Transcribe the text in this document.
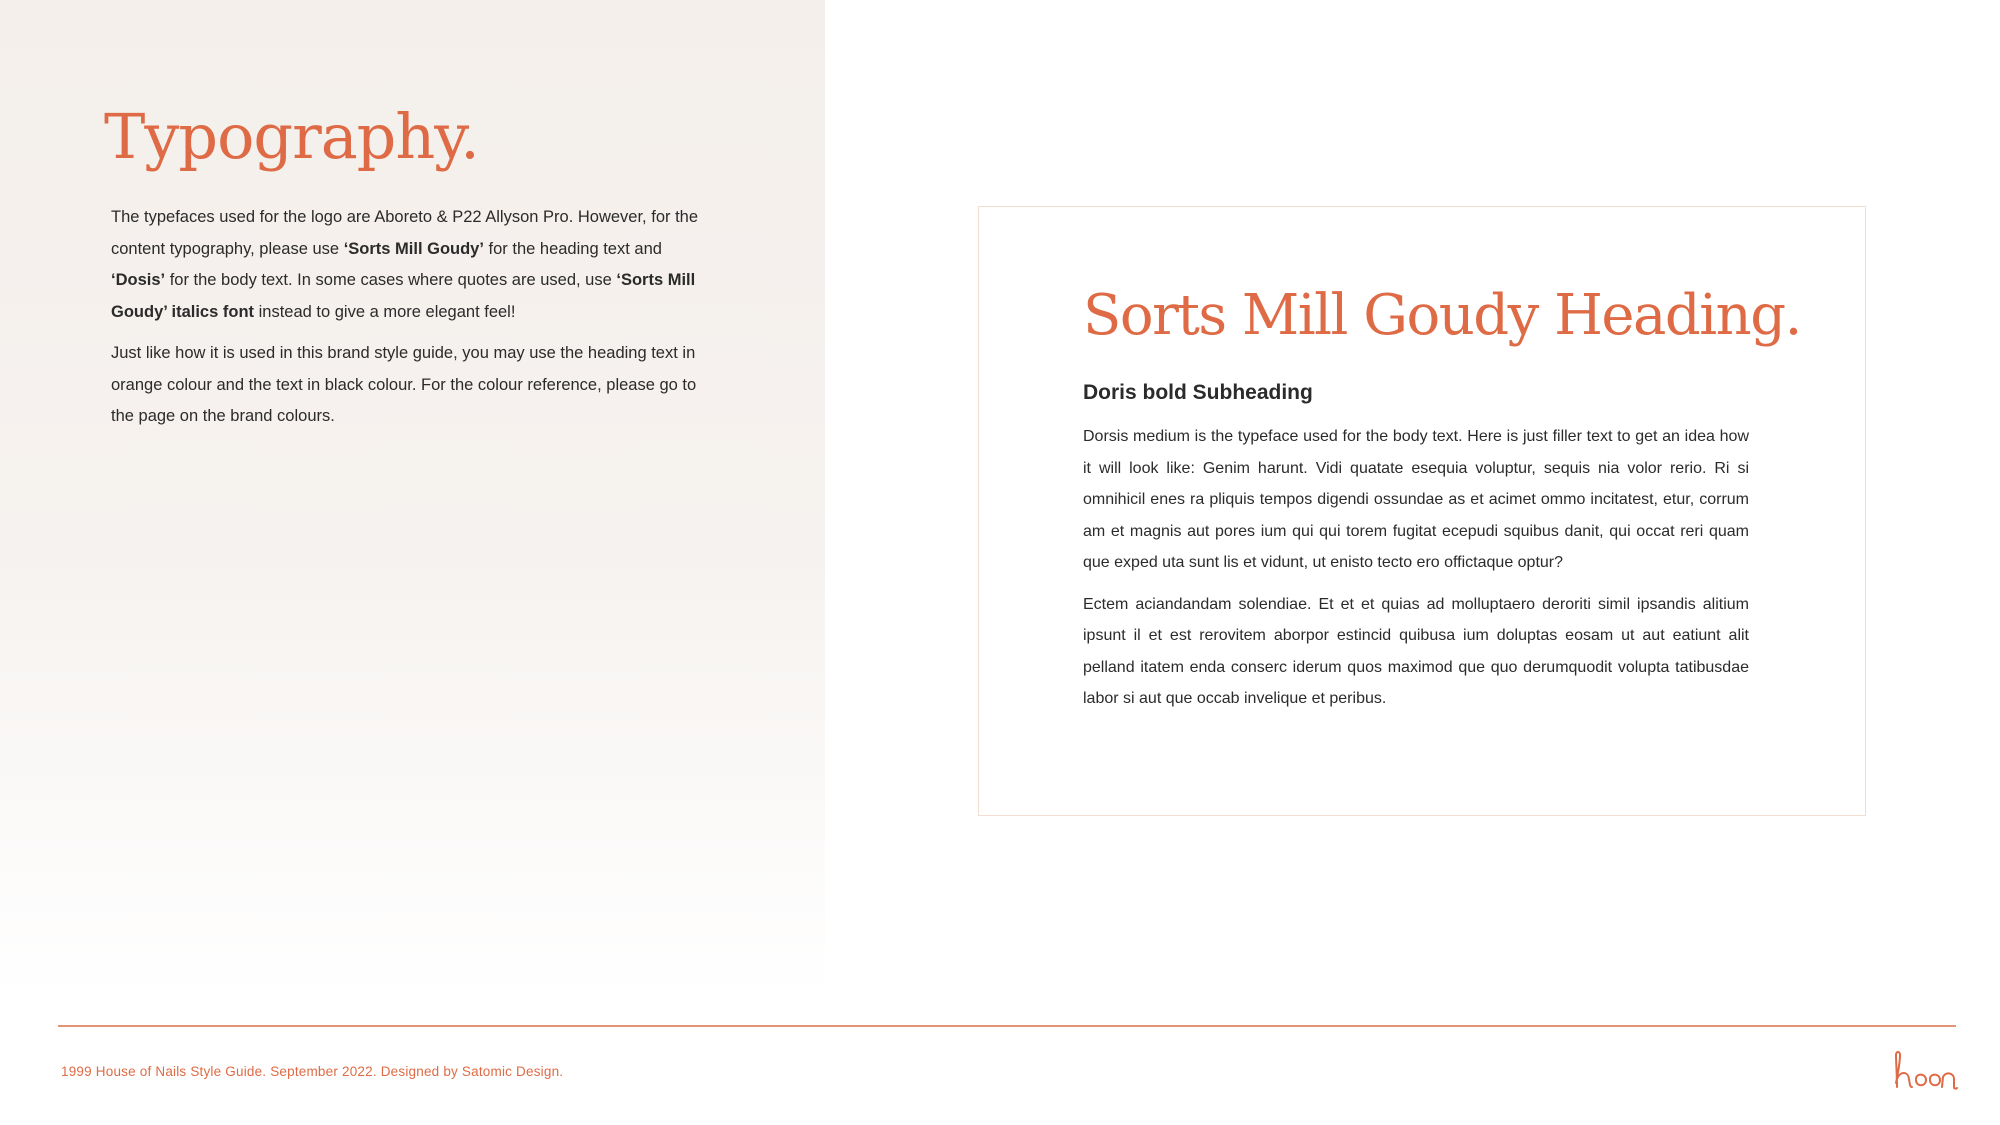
Typography.

The typefaces used for the logo are Aboreto & P22 Allyson Pro. However, for the content typography, please use ‘Sorts Mill Goudy’ for the heading text and ‘Dosis’ for the body text. In some cases where quotes are used, use ‘Sorts Mill Goudy’ italics font instead to give a more elegant feel!

Just like how it is used in this brand style guide, you may use the heading text in orange colour and the text in black colour. For the colour reference, please go to the page on the brand colours.

Sorts Mill Goudy Heading.
Doris bold Subheading

Dorsis medium is the typeface used for the body text. Here is just filler text to get an idea how it will look like: Genim harunt. Vidi quatate esequia voluptur, sequis nia volor rerio. Ri si omnihicil enes ra pliquis tempos digendi ossundae as et acimet ommo incitatest, etur, corrum am et magnis aut pores ium qui qui torem fugitat ecepudi squibus danit, qui occat reri quam que exped uta sunt lis et vidunt, ut enisto tecto ero offictaque optur?

Ectem aciandandam solendiae. Et et et quias ad molluptaero deroriti simil ipsandis alitium ipsunt il et est rerovitem aborpor estincid quibusa ium doluptas eosam ut aut eatiunt alit pelland itatem enda conserc iderum quos maximod que quo derumquodit volupta tatibusdae labor si aut que occab invelique et peribus.

1999 House of Nails Style Guide. September 2022. Designed by Satomic Design.
